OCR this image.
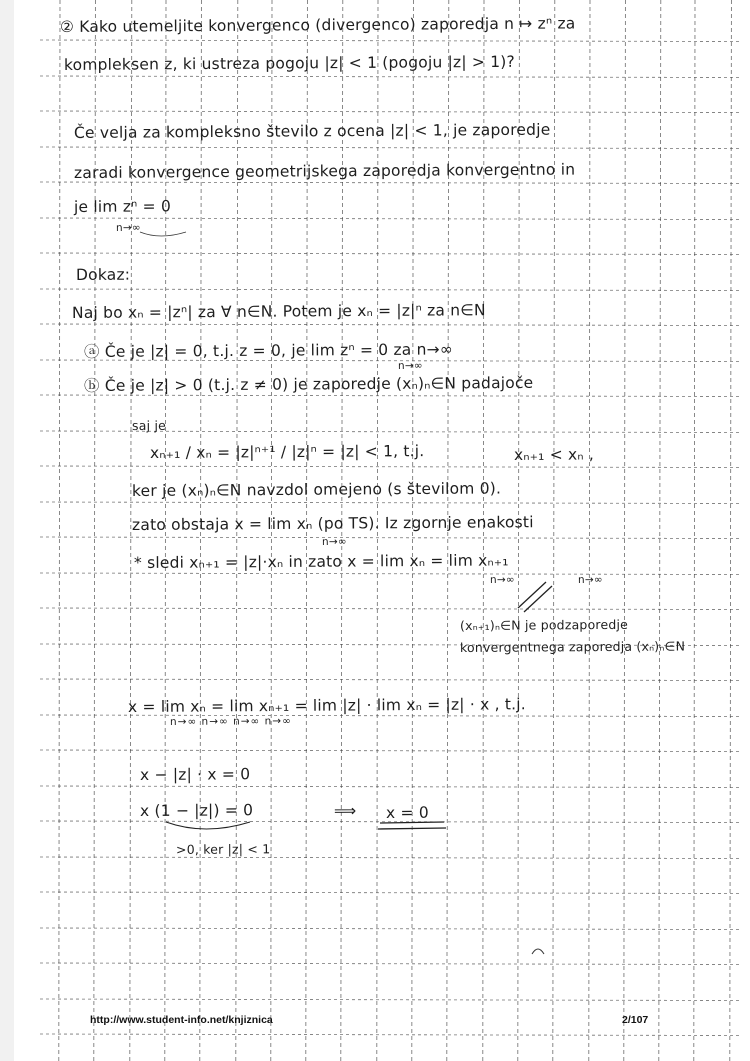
② Kako utemeljite konvergenco (divergenco) zaporedja n ↦ zⁿ za
kompleksen z, ki ustreza pogoju |z| < 1 (pogoju |z| > 1)?
Če velja za kompleksno število z ocena |z| < 1, je zaporedje
zaradi konvergence geometrijskega zaporedja konvergentno in
je lim zⁿ = 0
n→∞
Dokaz:
Naj bo xₙ = |zⁿ| za ∀ n∈N. Potem je xₙ = |z|ⁿ za n∈N
ⓐ Če je |z| = 0, t.j. z = 0, je lim zⁿ = 0 za n→∞
n→∞
ⓑ Če je |z| > 0 (t.j. z ≠ 0) je zaporedje (xₙ)ₙ∈N padajoče
saj je
xₙ₊₁ / xₙ = |z|ⁿ⁺¹ / |z|ⁿ = |z| < 1, t.j.	xₙ₊₁ < xₙ ,
ker je (xₙ)ₙ∈N navzdol omejeno (s številom 0).
zato obstaja x = lim xₙ (po TS). Iz zgornje enakosti
n→∞
* sledi xₙ₊₁ = |z|·xₙ in zato x = lim xₙ = lim xₙ₊₁
n→∞	n→∞
(xₙ₊₁)ₙ∈N je podzaporedje
konvergentnega zaporedja (xₙ)ₙ∈N
x = lim xₙ = lim xₙ₊₁ = lim |z| · lim xₙ = |z| · x , t.j.
n→∞ n→∞ n→∞ n→∞
x − |z| · x = 0
x (1 − |z|) = 0	⟹ x = 0
>0, ker |z| < 1
http://www.student-info.net/knjiznica	2/107
